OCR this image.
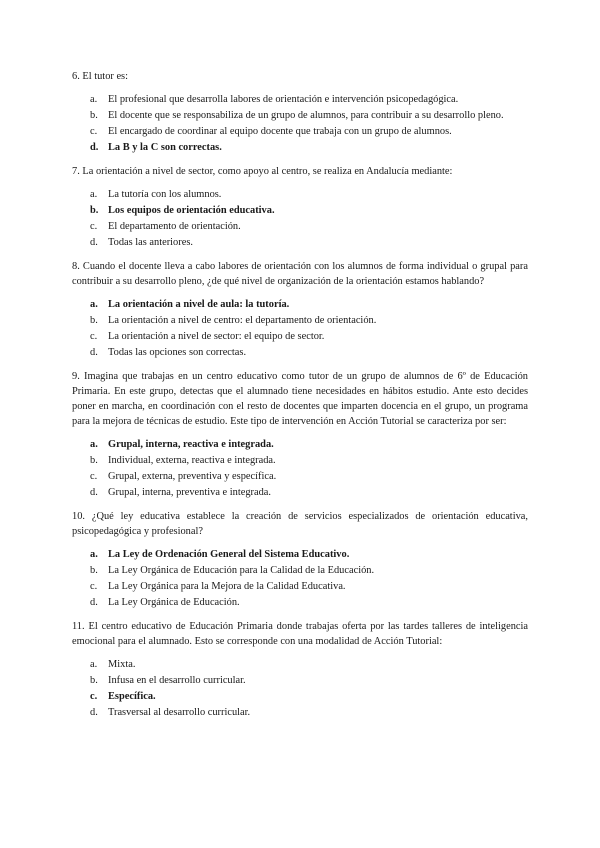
6. El tutor es:

a.	El profesional que desarrolla labores de orientación e intervención psicopedagógica.
b. El docente que se responsabiliza de un grupo de alumnos, para contribuir a su desarrollo pleno.
c.	El encargado de coordinar al equipo docente que trabaja con un grupo de alumnos.
d. La B y la C son correctas.

7. La orientación a nivel de sector, como apoyo al centro, se realiza en Andalucía mediante:

a.	La tutoría con los alumnos.
b. Los equipos de orientación educativa.
c.	El departamento de orientación.
d. Todas las anteriores.

8. Cuando el docente lleva a cabo labores de orientación con los alumnos de forma individual o grupal para contribuir a su desarrollo pleno, ¿de qué nivel de organización de la orientación estamos hablando?

a. La orientación a nivel de aula: la tutoría.
b. La orientación a nivel de centro: el departamento de orientación.
c.	La orientación a nivel de sector: el equipo de sector.
d. Todas las opciones son correctas.

9. Imagina que trabajas en un centro educativo como tutor de un grupo de alumnos de 6º de Educación Primaria. En este grupo, detectas que el alumnado tiene necesidades en hábitos estudio. Ante esto decides poner en marcha, en coordinación con el resto de docentes que imparten docencia en el grupo, un programa para la mejora de técnicas de estudio. Este tipo de intervención en Acción Tutorial se caracteriza por ser:

a. Grupal, interna, reactiva e integrada.
b. Individual, externa, reactiva e integrada.
c.	Grupal, externa, preventiva y específica.
d. Grupal, interna, preventiva e integrada.

10. ¿Qué ley educativa establece la creación de servicios especializados de orientación educativa, psicopedagógica y profesional?

a. La Ley de Ordenación General del Sistema Educativo.
b. La Ley Orgánica de Educación para la Calidad de la Educación.
c.	La Ley Orgánica para la Mejora de la Calidad Educativa.
d. La Ley Orgánica de Educación.

11. El centro educativo de Educación Primaria donde trabajas oferta por las tardes talleres de inteligencia emocional para el alumnado. Esto se corresponde con una modalidad de Acción Tutorial:

a.	Mixta.
b. Infusa en el desarrollo curricular.
c.	Específica.
d. Trasversal al desarrollo curricular.
